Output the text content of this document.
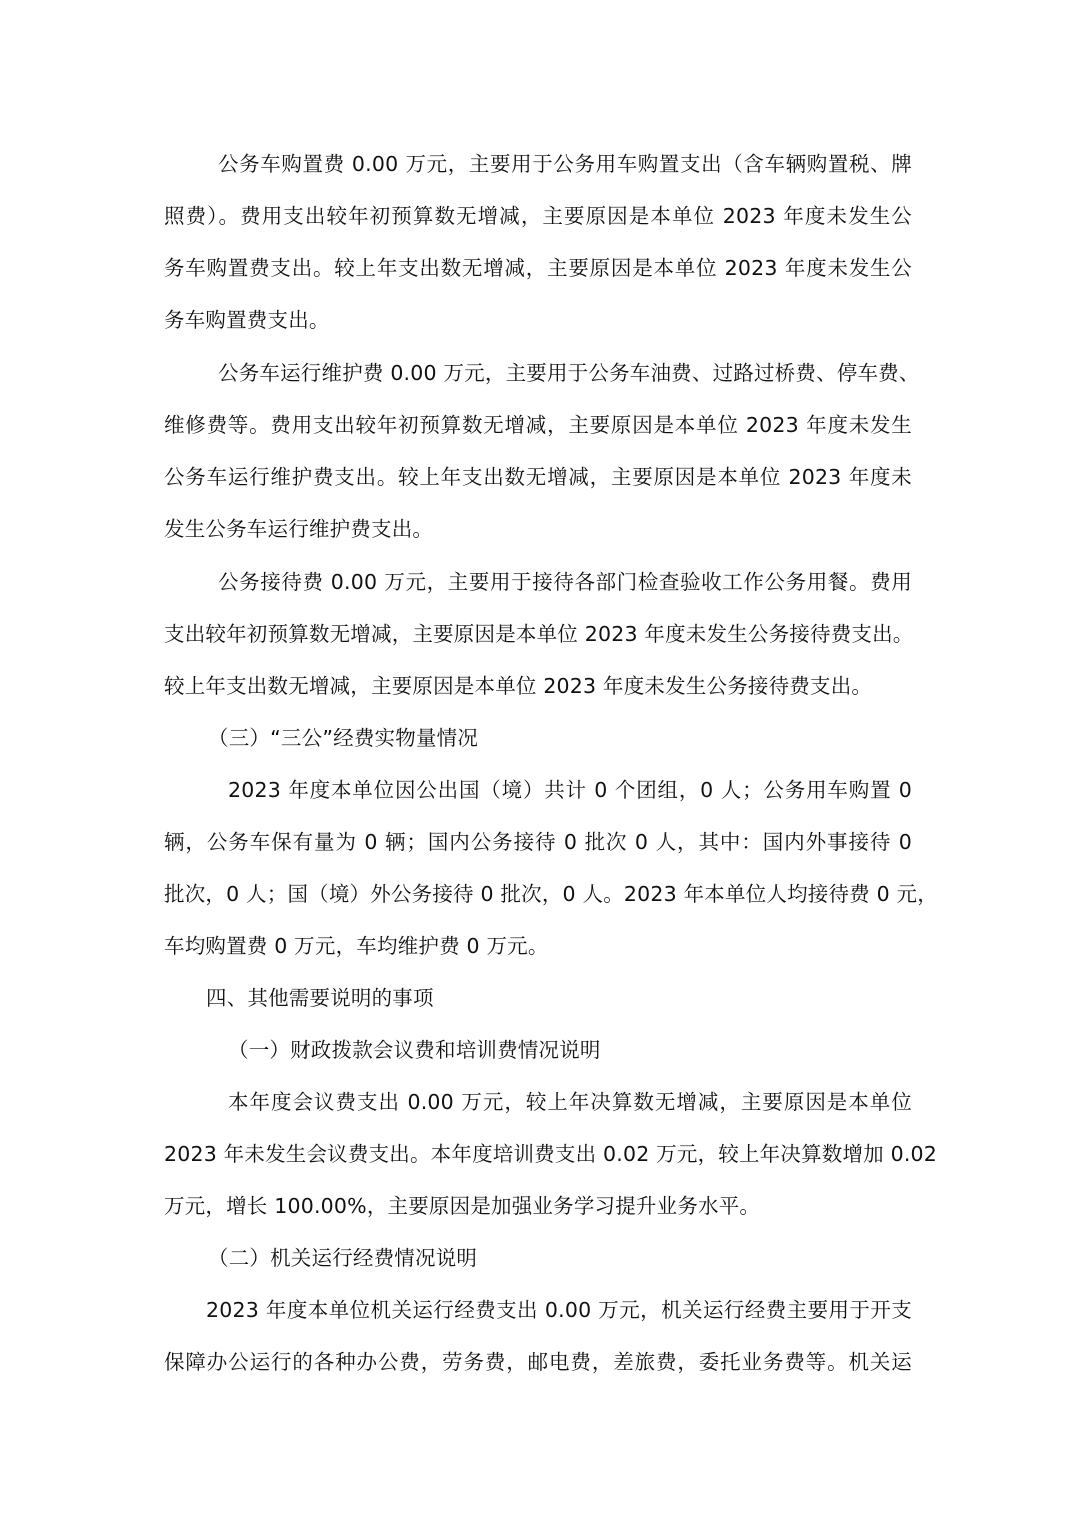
公务车购置费 0.00 万元，主要用于公务用车购置支出（含车辆购置税、牌
照费）。费用支出较年初预算数无增减，主要原因是本单位 2023 年度未发生公
务车购置费支出。较上年支出数无增减，主要原因是本单位 2023 年度未发生公
务车购置费支出。
公务车运行维护费 0.00 万元，主要用于公务车油费、过路过桥费、停车费、
维修费等。费用支出较年初预算数无增减，主要原因是本单位 2023 年度未发生
公务车运行维护费支出。较上年支出数无增减，主要原因是本单位 2023 年度未
发生公务车运行维护费支出。
公务接待费 0.00 万元，主要用于接待各部门检查验收工作公务用餐。费用
支出较年初预算数无增减，主要原因是本单位 2023 年度未发生公务接待费支出。
较上年支出数无增减，主要原因是本单位 2023 年度未发生公务接待费支出。
（三）“三公”经费实物量情况
2023 年度本单位因公出国（境）共计 0 个团组，0 人；公务用车购置 0
辆，公务车保有量为 0 辆；国内公务接待 0 批次 0 人，其中：国内外事接待 0
批次，0 人；国（境）外公务接待 0 批次，0 人。2023 年本单位人均接待费 0 元，
车均购置费 0 万元，车均维护费 0 万元。
四、其他需要说明的事项
（一）财政拨款会议费和培训费情况说明
本年度会议费支出 0.00 万元，较上年决算数无增减，主要原因是本单位
2023 年未发生会议费支出。本年度培训费支出 0.02 万元，较上年决算数增加 0.02
万元，增长 100.00%，主要原因是加强业务学习提升业务水平。
（二）机关运行经费情况说明
2023 年度本单位机关运行经费支出 0.00 万元，机关运行经费主要用于开支
保障办公运行的各种办公费，劳务费，邮电费，差旅费，委托业务费等。机关运
